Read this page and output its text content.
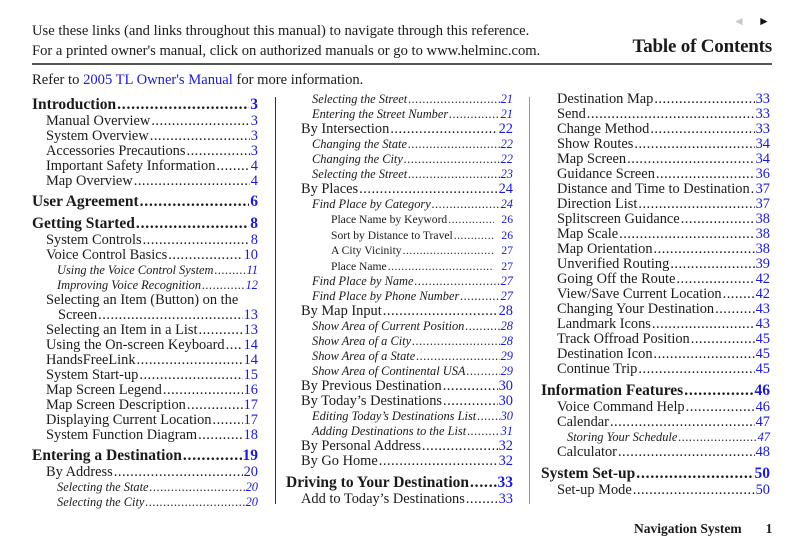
Use these links (and links throughout this manual) to navigate through this reference.
For a printed owner's manual, click on authorized manuals or go to www.helminc.com.
◄ ►
Table of Contents
Refer to 2005 TL Owner's Manual for more information.
Introduction .....	3
Manual Overview .....	3
System Overview .....	3
Accessories Precautions .....	3
Important Safety Information ..... 4
Map Overview .....	4
User Agreement .....	6
Getting Started .....	8
System Controls .....	8
Voice Control Basics .....	10
Using the Voice Control System .....	11
Improving Voice Recognition .....	12
Selecting an Item (Button) on the
Screen .....	13
Selecting an Item in a List .....	13
Using the On-screen Keyboard ..... 14
HandsFreeLink .....	14
System Start-up .....	15
Map Screen Legend .....	16
Map Screen Description .....	17
Displaying Current Location ..... 17
System Function Diagram .....	18
Entering a Destination .....	19
By Address .....	20
Selecting the State .....	20
Selecting the City .....	20
Selecting the Street .....	21
Entering the Street Number .....	21
By Intersection .....	22
Changing the State .....	22
Changing the City .....	22
Selecting the Street .....	23
By Places .....	24
Find Place by Category .....	24
Place Name by Keyword .....	26
Sort by Distance to Travel .....	26
A City Vicinity .....	27
Place Name .....	27
Find Place by Name .....	27
Find Place by Phone Number .....	27
By Map Input .....	28
Show Area of Current Position .....	28
Show Area of a City .....	28
Show Area of a State .....	29
Show Area of Continental USA .....	29
By Previous Destination .....	30
By Today’s Destinations .....	30
Editing Today’s Destinations List ..... 30
Adding Destinations to the List .....	31
By Personal Address .....	32
By Go Home .....	32
Driving to Your Destination ..... 33
Add to Today’s Destinations ..... 33
Destination Map .....	33
Send .....	33
Change Method .....	33
Show Routes .....	34
Map Screen .....	34
Guidance Screen .....	36
Distance and Time to Destination ..... 37
Direction List .....	37
Splitscreen Guidance .....	38
Map Scale .....	38
Map Orientation .....	38
Unverified Routing .....	39
Going Off the Route .....	42
View/Save Current Location ..... 42
Changing Your Destination .....	43
Landmark Icons .....	43
Track Offroad Position .....	45
Destination Icon .....	45
Continue Trip .....	45
Information Features .....	46
Voice Command Help .....	46
Calendar .....	47
Storing Your Schedule .....	47
Calculator .....	48
System Set-up .....	50
Set-up Mode .....	50
Navigation System 1
